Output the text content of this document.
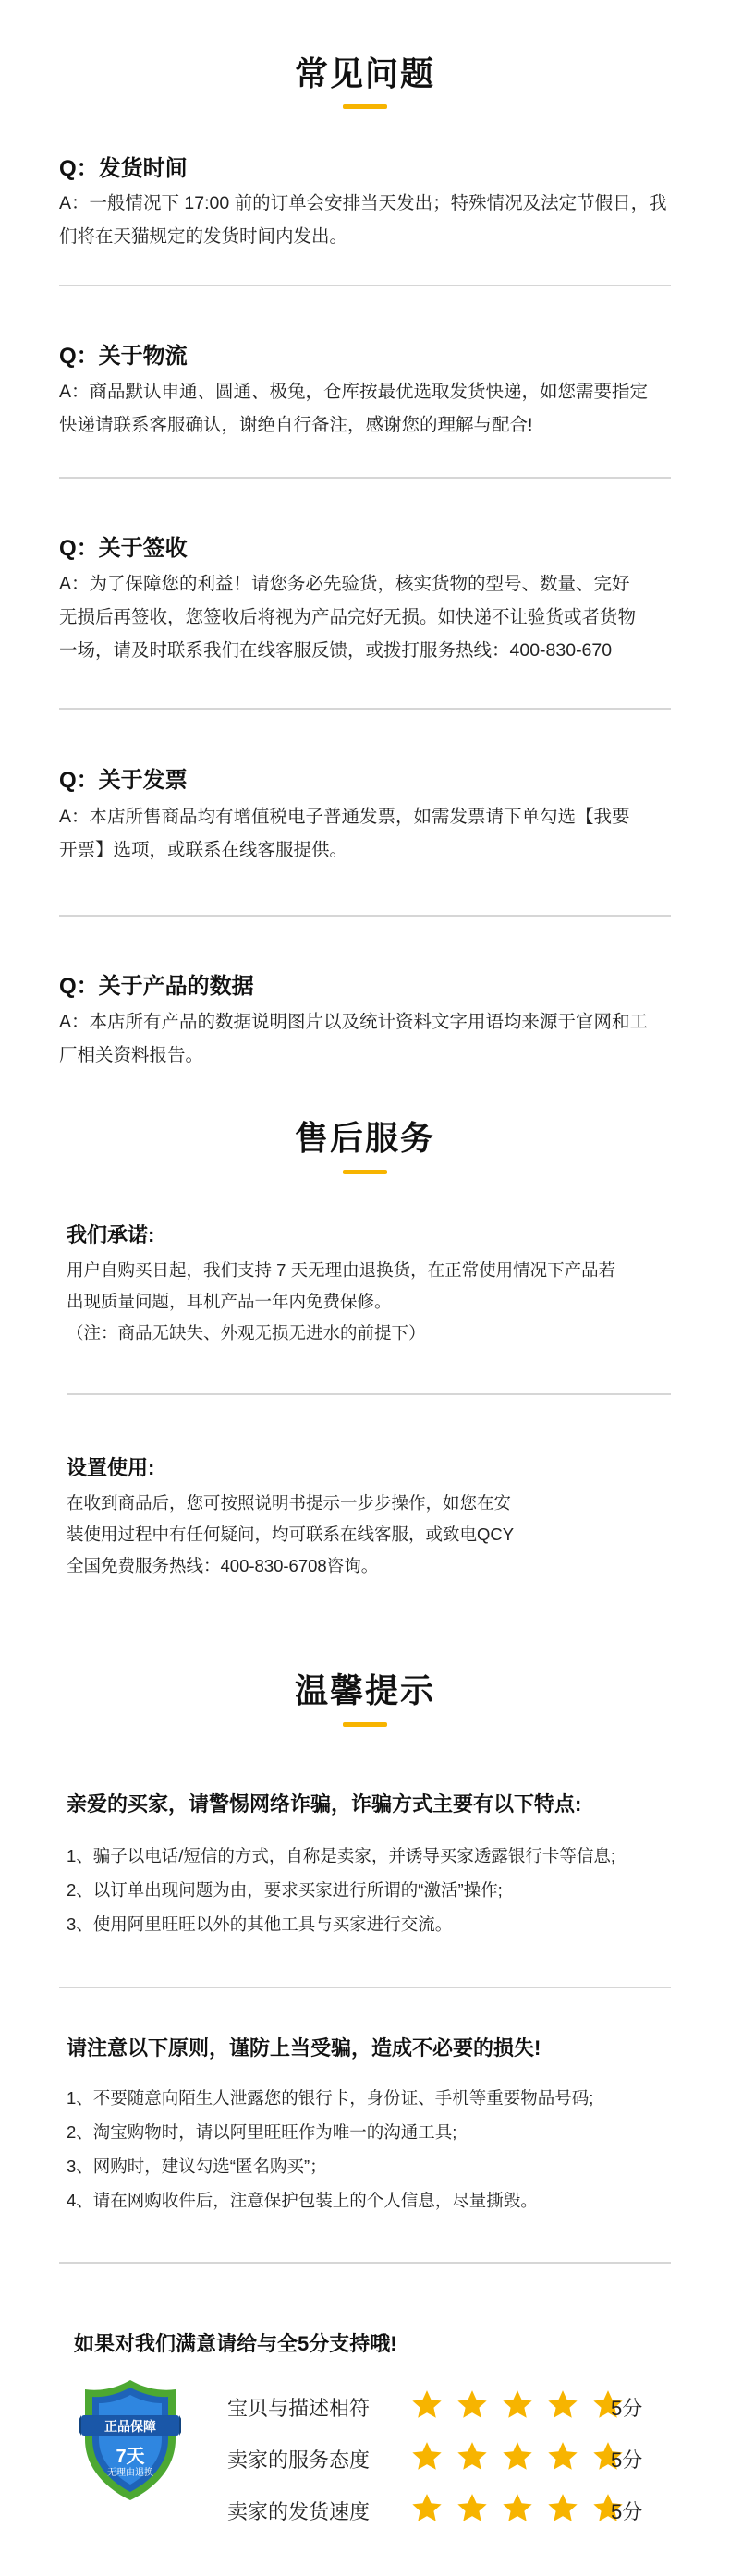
常见问题
Q：发货时间
A：一般情况下 17:00 前的订单会安排当天发出；特殊情况及法定节假日，我
们将在天猫规定的发货时间内发出。
Q：关于物流
A：商品默认申通、圆通、极兔，仓库按最优选取发货快递，如您需要指定
快递请联系客服确认，谢绝自行备注，感谢您的理解与配合!
Q：关于签收
A：为了保障您的利益！请您务必先验货，核实货物的型号、数量、完好
无损后再签收，您签收后将视为产品完好无损。如快递不让验货或者货物
一场，请及时联系我们在线客服反馈，或拨打服务热线：400-830-670
Q：关于发票
A：本店所售商品均有增值税电子普通发票，如需发票请下单勾选【我要
开票】选项，或联系在线客服提供。
Q：关于产品的数据
A：本店所有产品的数据说明图片以及统计资料文字用语均来源于官网和工
厂相关资料报告。
售后服务
我们承诺:
用户自购买日起，我们支持 7 天无理由退换货，在正常使用情况下产品若
出现质量问题，耳机产品一年内免费保修。
（注：商品无缺失、外观无损无进水的前提下）
设置使用:
在收到商品后，您可按照说明书提示一步步操作，如您在安
装使用过程中有任何疑问，均可联系在线客服，或致电QCY
全国免费服务热线：400-830-6708咨询。
温馨提示
亲爱的买家，请警惕网络诈骗，诈骗方式主要有以下特点:
1、骗子以电话/短信的方式，自称是卖家，并诱导买家透露银行卡等信息;
2、以订单出现问题为由，要求买家进行所谓的“激活”操作;
3、使用阿里旺旺以外的其他工具与买家进行交流。
请注意以下原则，谨防上当受骗，造成不必要的损失!
1、不要随意向陌生人泄露您的银行卡，身份证、手机等重要物品号码;
2、淘宝购物时，请以阿里旺旺作为唯一的沟通工具;
3、网购时，建议勾选“匿名购买”；
4、请在网购收件后，注意保护包装上的个人信息，尽量撕毁。
如果对我们满意请给与全5分支持哦!
正品保障
7天
无理由退换
宝贝与描述相符	5分
卖家的服务态度	5分
卖家的发货速度	5分
